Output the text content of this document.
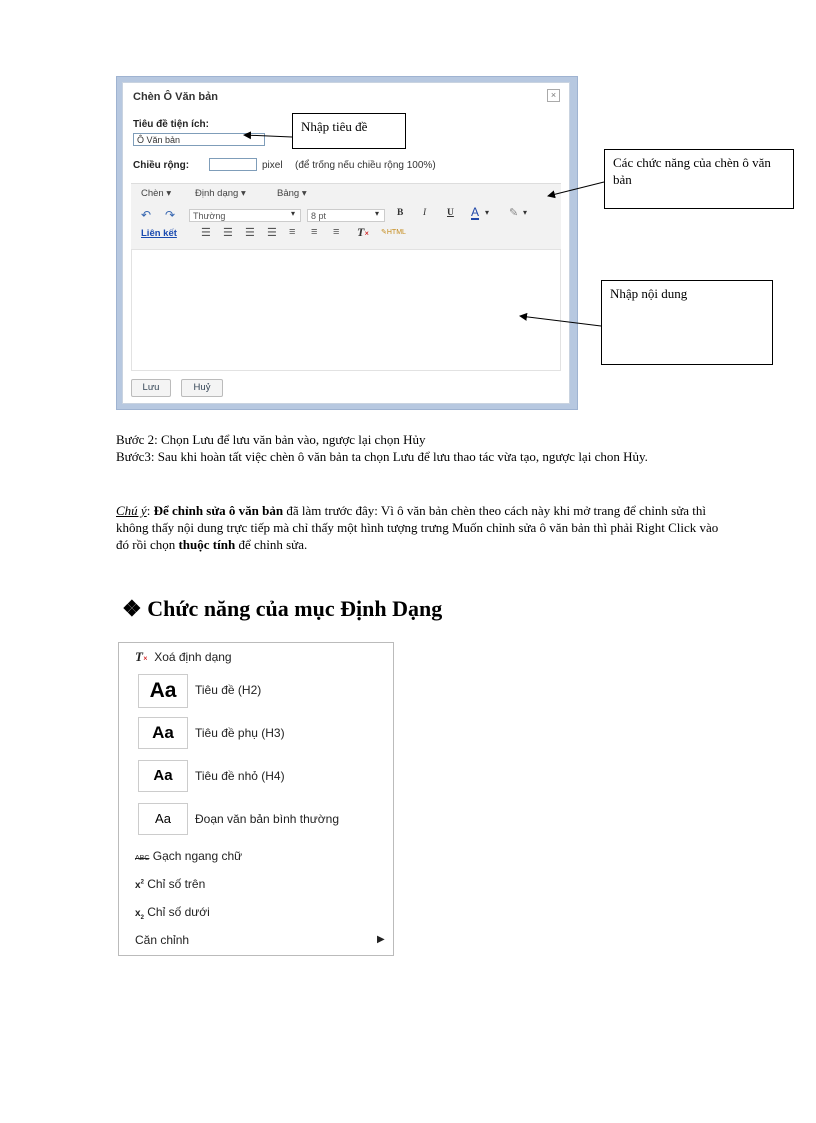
Chèn Ô Văn bản	×
Tiêu đề tiện ích:
Ô Văn bản
Chiều rộng:	pixel (để trống nếu chiều rộng 100%)
Chèn ▾	Định dạng ▾	Bảng ▾
↶ ↷	Thường	▾	8 pt	▾ B I U A ▾ ✎ ▾
Liên kết ☰ ☰ ☰ ☰ ≡ ≡ ≡ T× ✎HTML
Lưu	Huỷ
Nhập tiêu đề
Các chức năng của chèn ô văn bản
Nhập nội dung
Bước 2: Chọn Lưu để lưu văn bản vào, ngược lại chọn Hủy
Bước3: Sau khi hoàn tất việc chèn ô văn bản ta chọn Lưu để lưu thao tác vừa tạo, ngược lại chon Hủy.
Chú ý: Để chỉnh sửa ô văn bản đã làm trước đây: Vì ô văn bản chèn theo cách này khi mở trang để chỉnh sửa thì không thấy nội dung trực tiếp mà chỉ thấy một hình tượng trưng Muốn chỉnh sửa ô văn bản thì phải Right Click vào đó rồi chọn thuộc tính để chỉnh sửa.
❖ Chức năng của mục Định Dạng
T× Xoá định dạng
Aa	Tiêu đề (H2)
Aa	Tiêu đề phụ (H3)
Aa	Tiêu đề nhỏ (H4)
Aa	Đoạn văn bản bình thường
ABC Gạch ngang chữ
$x^2$ Chỉ số trên
$x_2$ Chỉ số dưới
Căn chỉnh	▶
